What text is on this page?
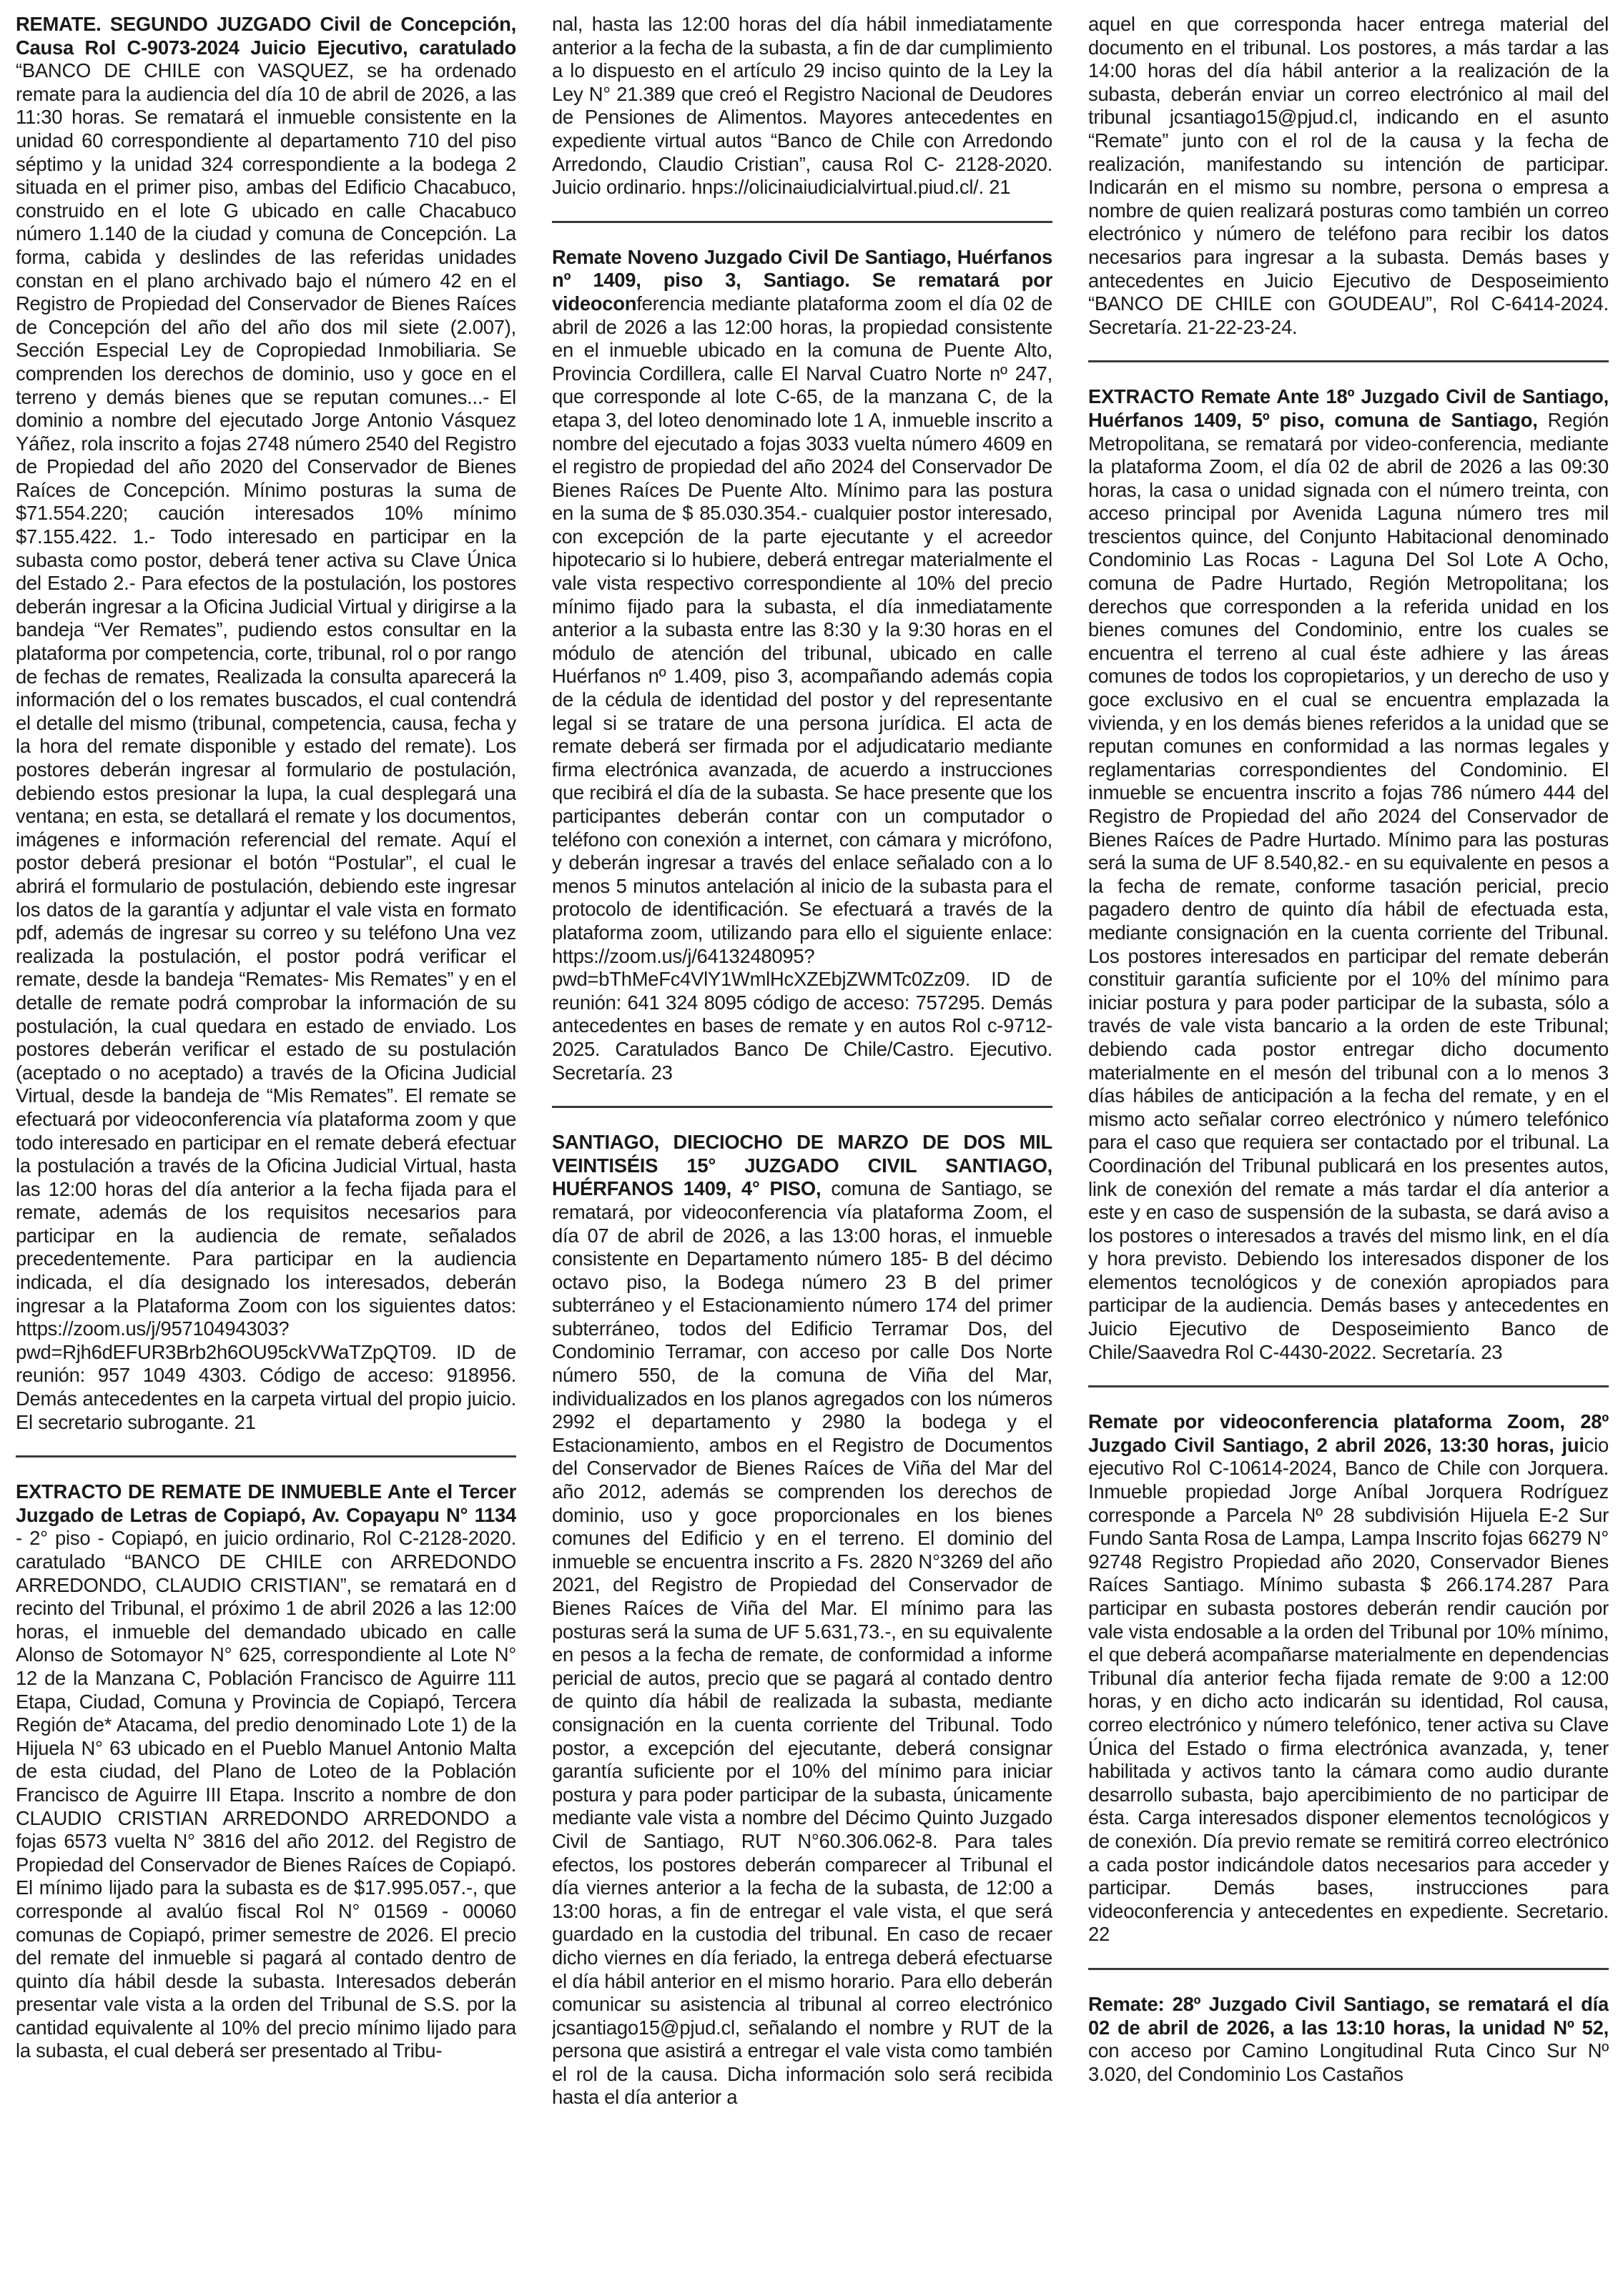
REMATE. SEGUNDO JUZGADO Civil de Concepción, Causa Rol C-9073-2024 Juicio Ejecutivo, caratulado “BANCO DE CHILE con VASQUEZ, se ha ordenado remate para la audiencia del día 10 de abril de 2026, a las 11:30 horas. Se rematará el inmueble consistente en la unidad 60 correspondiente al departamento 710 del piso séptimo y la unidad 324 correspondiente a la bodega 2 situada en el primer piso, ambas del Edificio Chacabuco, construido en el lote G ubicado en calle Chacabuco número 1.140 de la ciudad y comuna de Concepción. La forma, cabida y deslindes de las referidas unidades constan en el plano archivado bajo el número 42 en el Registro de Propiedad del Conservador de Bienes Raíces de Concepción del año del año dos mil siete (2.007), Sección Especial Ley de Copropiedad Inmobiliaria. Se comprenden los derechos de dominio, uso y goce en el terreno y demás bienes que se reputan comunes...- El dominio a nombre del ejecutado Jorge Antonio Vásquez Yáñez, rola inscrito a fojas 2748 número 2540 del Registro de Propiedad del año 2020 del Conservador de Bienes Raíces de Concepción. Mínimo posturas la suma de $71.554.220; caución interesados 10% mínimo $7.155.422. 1.- Todo interesado en participar en la subasta como postor, deberá tener activa su Clave Única del Estado 2.- Para efectos de la postulación, los postores deberán ingresar a la Oficina Judicial Virtual y dirigirse a la bandeja “Ver Remates”, pudiendo estos consultar en la plataforma por competencia, corte, tribunal, rol o por rango de fechas de remates, Realizada la consulta aparecerá la información del o los remates buscados, el cual contendrá el detalle del mismo (tribunal, competencia, causa, fecha y la hora del remate disponible y estado del remate). Los postores deberán ingresar al formulario de postulación, debiendo estos presionar la lupa, la cual desplegará una ventana; en esta, se detallará el remate y los documentos, imágenes e información referencial del remate. Aquí el postor deberá presionar el botón “Postular”, el cual le abrirá el formulario de postulación, debiendo este ingresar los datos de la garantía y adjuntar el vale vista en formato pdf, además de ingresar su correo y su teléfono Una vez realizada la postulación, el postor podrá verificar el remate, desde la bandeja “Remates- Mis Remates” y en el detalle de remate podrá comprobar la información de su postulación, la cual quedara en estado de enviado. Los postores deberán verificar el estado de su postulación (aceptado o no aceptado) a través de la Oficina Judicial Virtual, desde la bandeja de “Mis Remates”. El remate se efectuará por videoconferencia vía plataforma zoom y que todo interesado en participar en el remate deberá efectuar la postulación a través de la Oficina Judicial Virtual, hasta las 12:00 horas del día anterior a la fecha fijada para el remate, además de los requisitos necesarios para participar en la audiencia de remate, señalados precedentemente. Para participar en la audiencia indicada, el día designado los interesados, deberán ingresar a la Plataforma Zoom con los siguientes datos: https://zoom.us/j/95710494303?pwd=Rjh6dEFUR3Brb2h6OU95ckVWaTZpQT09. ID de reunión: 957 1049 4303. Código de acceso: 918956. Demás antecedentes en la carpeta virtual del propio juicio. El secretario subrogante. 21

EXTRACTO DE REMATE DE INMUEBLE Ante el Tercer Juzgado de Letras de Copiapó, Av. Copayapu N° 1134 - 2° piso - Copiapó, en juicio ordinario, Rol C-2128-2020. caratulado “BANCO DE CHILE con ARREDONDO ARREDONDO, CLAUDIO CRISTIAN”, se rematará en d recinto del Tribunal, el próximo 1 de abril 2026 a las 12:00 horas, el inmueble del demandado ubicado en calle Alonso de Sotomayor N° 625, correspondiente al Lote N° 12 de la Manzana C, Población Francisco de Aguirre 111 Etapa, Ciudad, Comuna y Provincia de Copiapó, Tercera Región de* Atacama, del predio denominado Lote 1) de la Hijuela N° 63 ubicado en el Pueblo Manuel Antonio Malta de esta ciudad, del Plano de Loteo de la Población Francisco de Aguirre III Etapa. Inscrito a nombre de don CLAUDIO CRISTIAN ARREDONDO ARREDONDO a fojas 6573 vuelta N° 3816 del año 2012. del Registro de Propiedad del Conservador de Bienes Raíces de Copiapó. El mínimo lijado para la subasta es de $17.995.057.-, que corresponde al avalúo fiscal Rol N° 01569 - 00060 comunas de Copiapó, primer semestre de 2026. El precio del remate del inmueble si pagará al contado dentro de quinto día hábil desde la subasta. Interesados deberán presentar vale vista a la orden del Tribunal de S.S. por la cantidad equivalente al 10% del precio mínimo lijado para la subasta, el cual deberá ser presentado al Tribu-

nal, hasta las 12:00 horas del día hábil inmediatamente anterior a la fecha de la subasta, a fin de dar cumplimiento a lo dispuesto en el artículo 29 inciso quinto de la Ley la Ley N° 21.389 que creó el Registro Nacional de Deudores de Pensiones de Alimentos. Mayores antecedentes en expediente virtual autos “Banco de Chile con Arredondo Arredondo, Claudio Cristian”, causa Rol C- 2128-2020. Juicio ordinario. hnps://olicinaiudicialvirtual.piud.cl/. 21

Remate Noveno Juzgado Civil De Santiago, Huérfanos nº 1409, piso 3, Santiago. Se rematará por videoconferencia mediante plataforma zoom el día 02 de abril de 2026 a las 12:00 horas, la propiedad consistente en el inmueble ubicado en la comuna de Puente Alto, Provincia Cordillera, calle El Narval Cuatro Norte nº 247, que corresponde al lote C-65, de la manzana C, de la etapa 3, del loteo denominado lote 1 A, inmueble inscrito a nombre del ejecutado a fojas 3033 vuelta número 4609 en el registro de propiedad del año 2024 del Conservador De Bienes Raíces De Puente Alto. Mínimo para las postura en la suma de $ 85.030.354.- cualquier postor interesado, con excepción de la parte ejecutante y el acreedor hipotecario si lo hubiere, deberá entregar materialmente el vale vista respectivo correspondiente al 10% del precio mínimo fijado para la subasta, el día inmediatamente anterior a la subasta entre las 8:30 y la 9:30 horas en el módulo de atención del tribunal, ubicado en calle Huérfanos nº 1.409, piso 3, acompañando además copia de la cédula de identidad del postor y del representante legal si se tratare de una persona jurídica. El acta de remate deberá ser firmada por el adjudicatario mediante firma electrónica avanzada, de acuerdo a instrucciones que recibirá el día de la subasta. Se hace presente que los participantes deberán contar con un computador o teléfono con conexión a internet, con cámara y micrófono, y deberán ingresar a través del enlace señalado con a lo menos 5 minutos antelación al inicio de la subasta para el protocolo de identificación. Se efectuará a través de la plataforma zoom, utilizando para ello el siguiente enlace: https://zoom.us/j/6413248095?pwd=bThMeFc4VlY1WmlHcXZEbjZWMTc0Zz09. ID de reunión: 641 324 8095 código de acceso: 757295. Demás antecedentes en bases de remate y en autos Rol c-9712-2025. Caratulados Banco De Chile/Castro. Ejecutivo. Secretaría. 23

SANTIAGO, DIECIOCHO DE MARZO DE DOS MIL VEINTISÉIS 15° JUZGADO CIVIL SANTIAGO, HUÉRFANOS 1409, 4° PISO, comuna de Santiago, se rematará, por videoconferencia vía plataforma Zoom, el día 07 de abril de 2026, a las 13:00 horas, el inmueble consistente en Departamento número 185- B del décimo octavo piso, la Bodega número 23 B del primer subterráneo y el Estacionamiento número 174 del primer subterráneo, todos del Edificio Terramar Dos, del Condominio Terramar, con acceso por calle Dos Norte número 550, de la comuna de Viña del Mar, individualizados en los planos agregados con los números 2992 el departamento y 2980 la bodega y el Estacionamiento, ambos en el Registro de Documentos del Conservador de Bienes Raíces de Viña del Mar del año 2012, además se comprenden los derechos de dominio, uso y goce proporcionales en los bienes comunes del Edificio y en el terreno. El dominio del inmueble se encuentra inscrito a Fs. 2820 N°3269 del año 2021, del Registro de Propiedad del Conservador de Bienes Raíces de Viña del Mar. El mínimo para las posturas será la suma de UF 5.631,73.-, en su equivalente en pesos a la fecha de remate, de conformidad a informe pericial de autos, precio que se pagará al contado dentro de quinto día hábil de realizada la subasta, mediante consignación en la cuenta corriente del Tribunal. Todo postor, a excepción del ejecutante, deberá consignar garantía suficiente por el 10% del mínimo para iniciar postura y para poder participar de la subasta, únicamente mediante vale vista a nombre del Décimo Quinto Juzgado Civil de Santiago, RUT N°60.306.062-8. Para tales efectos, los postores deberán comparecer al Tribunal el día viernes anterior a la fecha de la subasta, de 12:00 a 13:00 horas, a fin de entregar el vale vista, el que será guardado en la custodia del tribunal. En caso de recaer dicho viernes en día feriado, la entrega deberá efectuarse el día hábil anterior en el mismo horario. Para ello deberán comunicar su asistencia al tribunal al correo electrónico jcsantiago15@pjud.cl, señalando el nombre y RUT de la persona que asistirá a entregar el vale vista como también el rol de la causa. Dicha información solo será recibida hasta el día anterior a

aquel en que corresponda hacer entrega material del documento en el tribunal. Los postores, a más tardar a las 14:00 horas del día hábil anterior a la realización de la subasta, deberán enviar un correo electrónico al mail del tribunal jcsantiago15@pjud.cl, indicando en el asunto “Remate” junto con el rol de la causa y la fecha de realización, manifestando su intención de participar. Indicarán en el mismo su nombre, persona o empresa a nombre de quien realizará posturas como también un correo electrónico y número de teléfono para recibir los datos necesarios para ingresar a la subasta. Demás bases y antecedentes en Juicio Ejecutivo de Desposeimiento “BANCO DE CHILE con GOUDEAU”, Rol C-6414-2024. Secretaría. 21-22-23-24.

EXTRACTO Remate Ante 18º Juzgado Civil de Santiago, Huérfanos 1409, 5º piso, comuna de Santiago, Región Metropolitana, se rematará por video-conferencia, mediante la plataforma Zoom, el día 02 de abril de 2026 a las 09:30 horas, la casa o unidad signada con el número treinta, con acceso principal por Avenida Laguna número tres mil trescientos quince, del Conjunto Habitacional denominado Condominio Las Rocas - Laguna Del Sol Lote A Ocho, comuna de Padre Hurtado, Región Metropolitana; los derechos que corresponden a la referida unidad en los bienes comunes del Condominio, entre los cuales se encuentra el terreno al cual éste adhiere y las áreas comunes de todos los copropietarios, y un derecho de uso y goce exclusivo en el cual se encuentra emplazada la vivienda, y en los demás bienes referidos a la unidad que se reputan comunes en conformidad a las normas legales y reglamentarias correspondientes del Condominio. El inmueble se encuentra inscrito a fojas 786 número 444 del Registro de Propiedad del año 2024 del Conservador de Bienes Raíces de Padre Hurtado. Mínimo para las posturas será la suma de UF 8.540,82.- en su equivalente en pesos a la fecha de remate, conforme tasación pericial, precio pagadero dentro de quinto día hábil de efectuada esta, mediante consignación en la cuenta corriente del Tribunal. Los postores interesados en participar del remate deberán constituir garantía suficiente por el 10% del mínimo para iniciar postura y para poder participar de la subasta, sólo a través de vale vista bancario a la orden de este Tribunal; debiendo cada postor entregar dicho documento materialmente en el mesón del tribunal con a lo menos 3 días hábiles de anticipación a la fecha del remate, y en el mismo acto señalar correo electrónico y número telefónico para el caso que requiera ser contactado por el tribunal. La Coordinación del Tribunal publicará en los presentes autos, link de conexión del remate a más tardar el día anterior a este y en caso de suspensión de la subasta, se dará aviso a los postores o interesados a través del mismo link, en el día y hora previsto. Debiendo los interesados disponer de los elementos tecnológicos y de conexión apropiados para participar de la audiencia. Demás bases y antecedentes en Juicio Ejecutivo de Desposeimiento Banco de Chile/Saavedra Rol C-4430-2022. Secretaría. 23

Remate por videoconferencia plataforma Zoom, 28º Juzgado Civil Santiago, 2 abril 2026, 13:30 horas, juicio ejecutivo Rol C-10614-2024, Banco de Chile con Jorquera. Inmueble propiedad Jorge Aníbal Jorquera Rodríguez corresponde a Parcela Nº 28 subdivisión Hijuela E-2 Sur Fundo Santa Rosa de Lampa, Lampa Inscrito fojas 66279 N° 92748 Registro Propiedad año 2020, Conservador Bienes Raíces Santiago. Mínimo subasta $ 266.174.287 Para participar en subasta postores deberán rendir caución por vale vista endosable a la orden del Tribunal por 10% mínimo, el que deberá acompañarse materialmente en dependencias Tribunal día anterior fecha fijada remate de 9:00 a 12:00 horas, y en dicho acto indicarán su identidad, Rol causa, correo electrónico y número telefónico, tener activa su Clave Única del Estado o firma electrónica avanzada, y, tener habilitada y activos tanto la cámara como audio durante desarrollo subasta, bajo apercibimiento de no participar de ésta. Carga interesados disponer elementos tecnológicos y de conexión. Día previo remate se remitirá correo electrónico a cada postor indicándole datos necesarios para acceder y participar. Demás bases, instrucciones para videoconferencia y antecedentes en expediente. Secretario. 22

Remate: 28º Juzgado Civil Santiago, se rematará el día 02 de abril de 2026, a las 13:10 horas, la unidad Nº 52, con acceso por Camino Longitudinal Ruta Cinco Sur Nº 3.020, del Condominio Los Castaños
